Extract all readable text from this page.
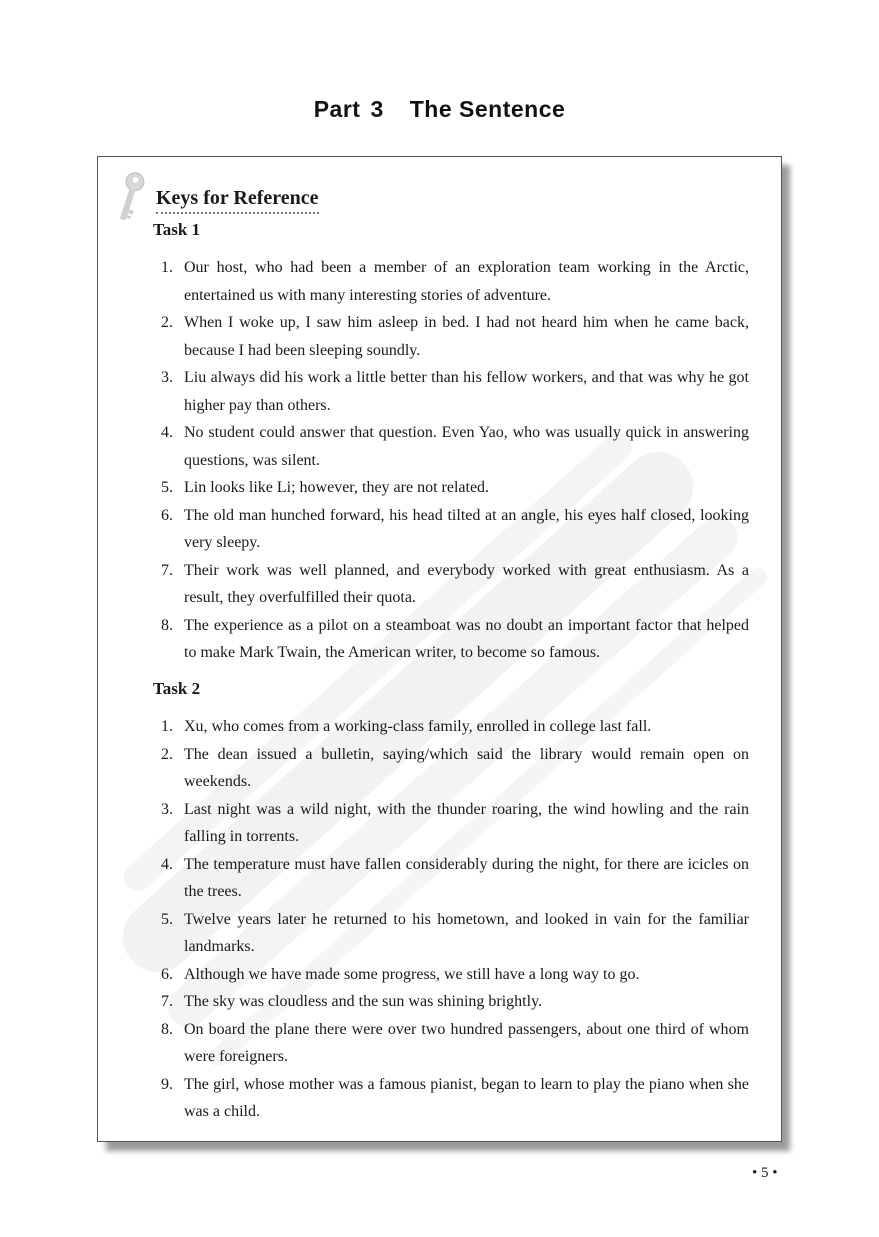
Part 3 The Sentence
Keys for Reference
Task 1
1. Our host, who had been a member of an exploration team working in the Arctic, entertained us with many interesting stories of adventure.
2. When I woke up, I saw him asleep in bed. I had not heard him when he came back, because I had been sleeping soundly.
3. Liu always did his work a little better than his fellow workers, and that was why he got higher pay than others.
4. No student could answer that question. Even Yao, who was usually quick in answering questions, was silent.
5. Lin looks like Li; however, they are not related.
6. The old man hunched forward, his head tilted at an angle, his eyes half closed, looking very sleepy.
7. Their work was well planned, and everybody worked with great enthusiasm. As a result, they overfulfilled their quota.
8. The experience as a pilot on a steamboat was no doubt an important factor that helped to make Mark Twain, the American writer, to become so famous.
Task 2
1. Xu, who comes from a working-class family, enrolled in college last fall.
2. The dean issued a bulletin, saying/which said the library would remain open on weekends.
3. Last night was a wild night, with the thunder roaring, the wind howling and the rain falling in torrents.
4. The temperature must have fallen considerably during the night, for there are icicles on the trees.
5. Twelve years later he returned to his hometown, and looked in vain for the familiar landmarks.
6. Although we have made some progress, we still have a long way to go.
7. The sky was cloudless and the sun was shining brightly.
8. On board the plane there were over two hundred passengers, about one third of whom were foreigners.
9. The girl, whose mother was a famous pianist, began to learn to play the piano when she was a child.
• 5 •
